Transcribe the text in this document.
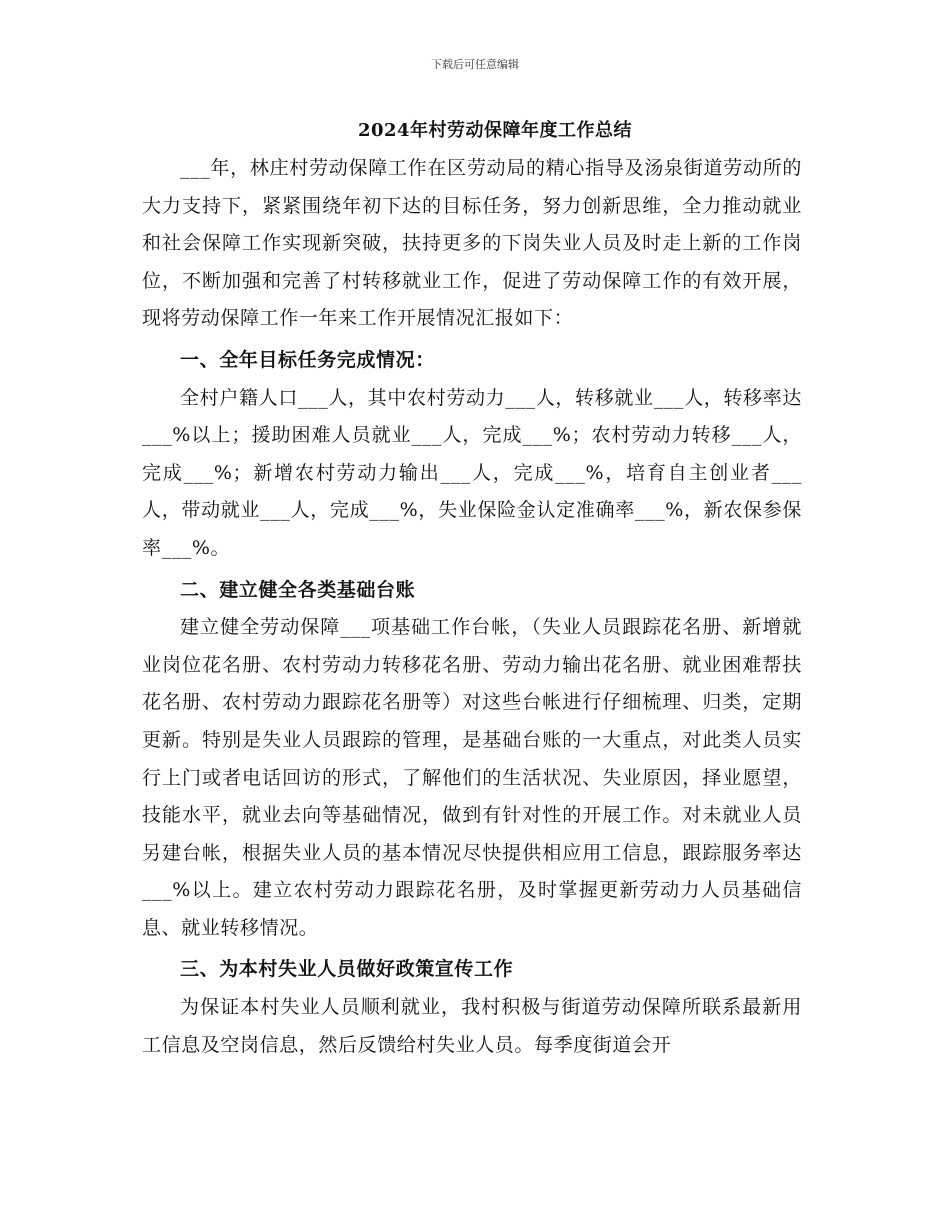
下载后可任意编辑
2024年村劳动保障年度工作总结

___年，林庄村劳动保障工作在区劳动局的精心指导及汤泉街道劳动所的大力支持下，紧紧围绕年初下达的目标任务，努力创新思维，全力推动就业和社会保障工作实现新突破，扶持更多的下岗失业人员及时走上新的工作岗位，不断加强和完善了村转移就业工作，促进了劳动保障工作的有效开展，现将劳动保障工作一年来工作开展情况汇报如下：

一、全年目标任务完成情况：

全村户籍人口___人，其中农村劳动力___人，转移就业___人，转移率达___%以上；援助困难人员就业___人，完成___%；农村劳动力转移___人，完成___%；新增农村劳动力输出___人，完成___%，培育自主创业者___人，带动就业___人，完成___%，失业保险金认定准确率___%，新农保参保率___%。

二、建立健全各类基础台账

建立健全劳动保障___项基础工作台帐，（失业人员跟踪花名册、新增就业岗位花名册、农村劳动力转移花名册、劳动力输出花名册、就业困难帮扶花名册、农村劳动力跟踪花名册等）对这些台帐进行仔细梳理、归类，定期更新。特别是失业人员跟踪的管理，是基础台账的一大重点，对此类人员实行上门或者电话回访的形式，了解他们的生活状况、失业原因，择业愿望，技能水平，就业去向等基础情况，做到有针对性的开展工作。对未就业人员另建台帐，根据失业人员的基本情况尽快提供相应用工信息，跟踪服务率达___%以上。建立农村劳动力跟踪花名册，及时掌握更新劳动力人员基础信息、就业转移情况。

三、为本村失业人员做好政策宣传工作

为保证本村失业人员顺利就业，我村积极与街道劳动保障所联系最新用工信息及空岗信息，然后反馈给村失业人员。每季度街道会开
